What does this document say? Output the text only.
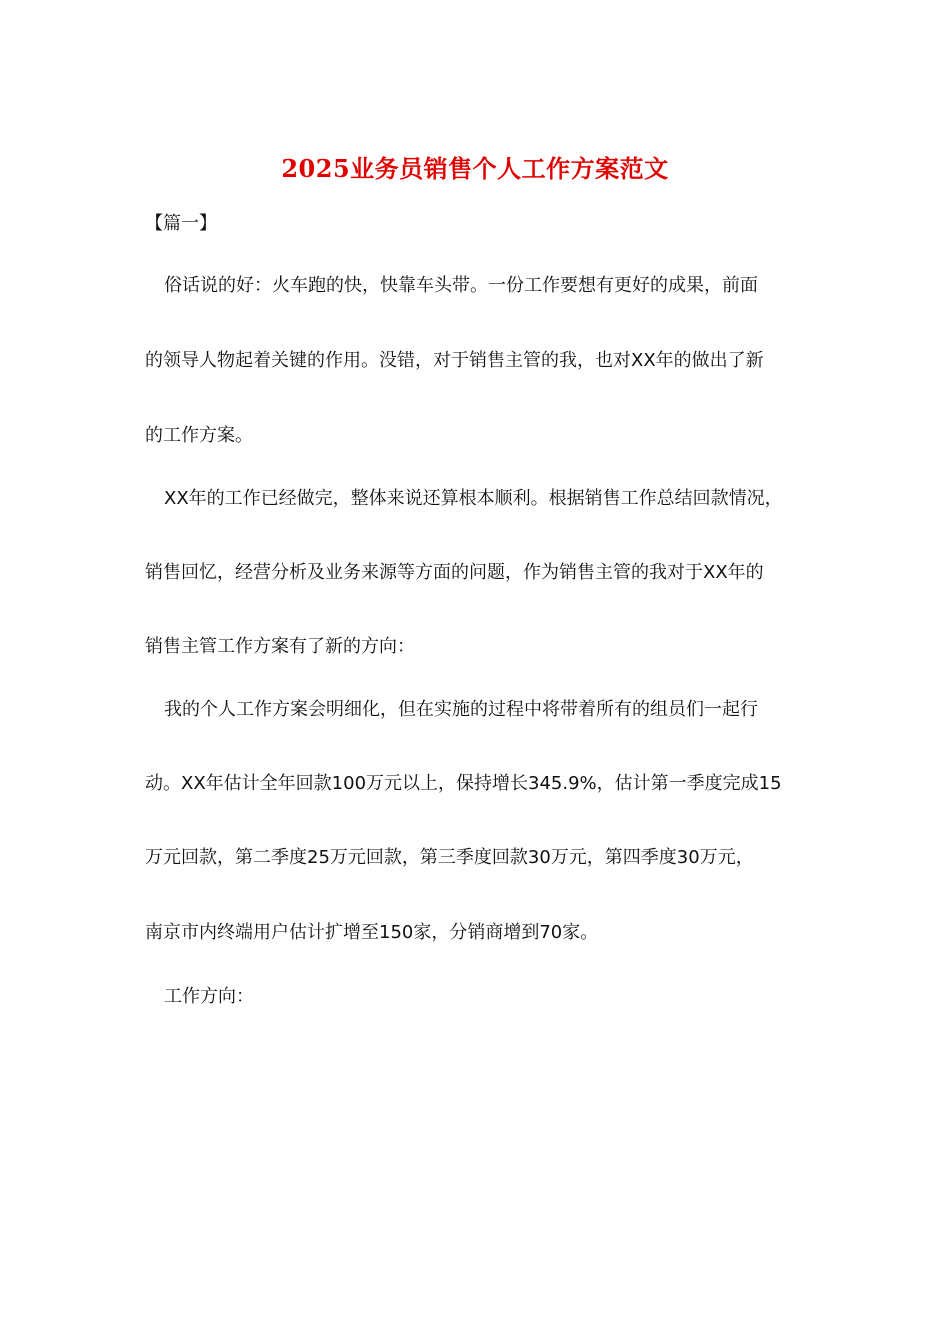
2025业务员销售个人工作方案范文

【篇一】

俗话说的好：火车跑的快，快靠车头带。一份工作要想有更好的成果，前面

的领导人物起着关键的作用。没错，对于销售主管的我，也对XX年的做出了新

的工作方案。

XX年的工作已经做完，整体来说还算根本顺利。根据销售工作总结回款情况，

销售回忆，经营分析及业务来源等方面的问题，作为销售主管的我对于XX年的

销售主管工作方案有了新的方向：

我的个人工作方案会明细化，但在实施的过程中将带着所有的组员们一起行

动。XX年估计全年回款100万元以上，保持增长345.9%，估计第一季度完成15

万元回款，第二季度25万元回款，第三季度回款30万元，第四季度30万元，

南京市内终端用户估计扩增至150家，分销商增到70家。

工作方向：
